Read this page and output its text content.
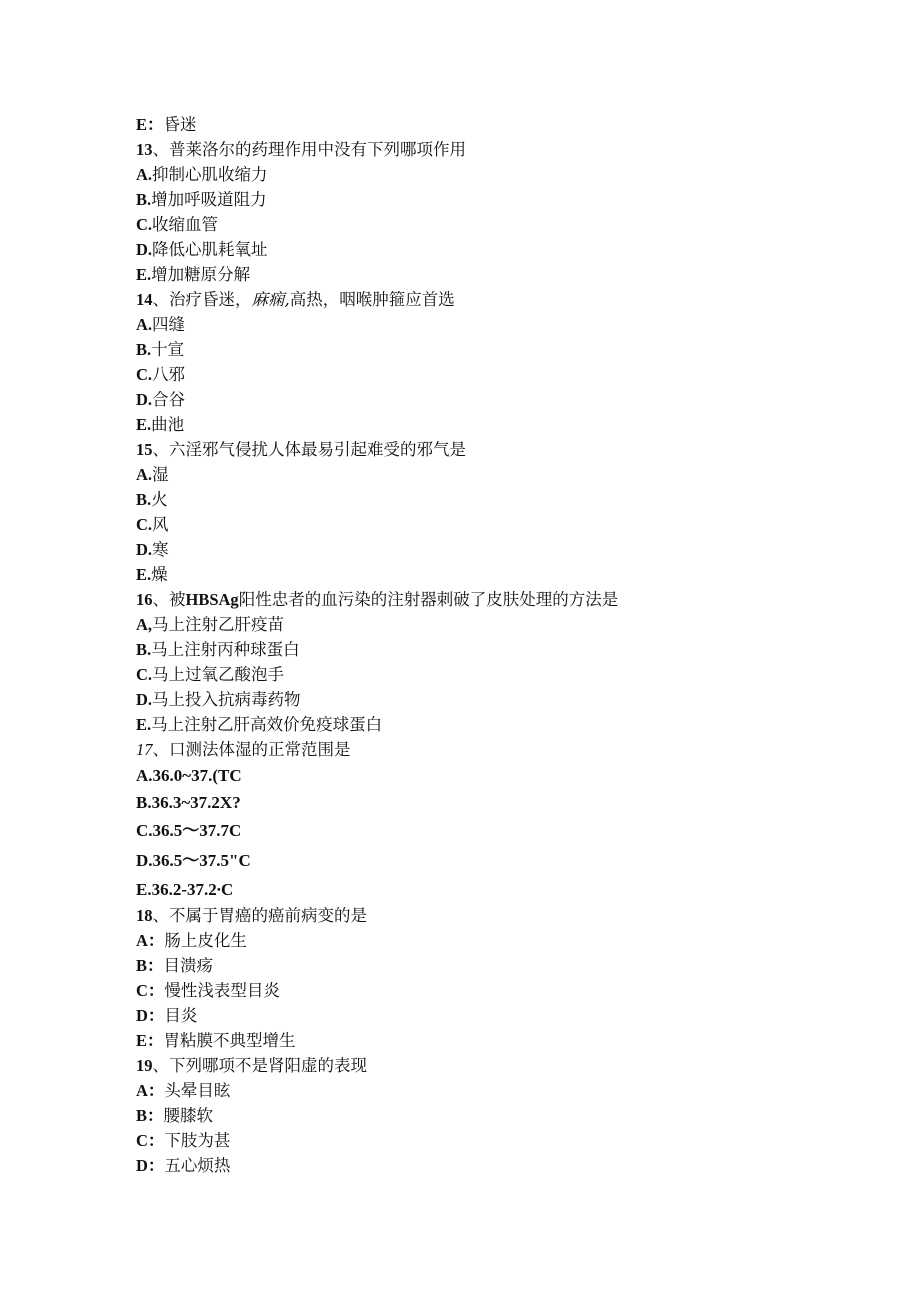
E：昏迷
13、普莱洛尔的药理作用中没有下列哪项作用
A.抑制心肌收缩力
B.增加呼吸道阻力
C.收缩血管
D.降低心肌耗氧址
E.增加糖原分解
14、治疗昏迷，麻痫,高热，咽喉肿箍应首选
A.四缝
B.十宣
C.八邪
D.合谷
E.曲池
15、六淫邪气侵扰人体最易引起难受的邪气是
A.湿
B.火
C.风
D.寒
E.燥
16、被HBSAg阳性忠者的血污染的注射器刺破了皮肤处理的方法是
A,马上注射乙肝疫苗
B.马上注射丙种球蛋白
C.马上过氧乙酸泡手
D.马上投入抗病毒药物
E.马上注射乙肝高效价免疫球蛋白
17、口测法体湿的正常范围是
A.36.0~37.(TC
B.36.3~37.2X?
C.36.5〜37.7C
D.36.5〜37.5"C
E.36.2-37.2∙C
18、不属于胃癌的癌前病变的是
A：肠上皮化生
B：目溃疡
C：慢性浅表型目炎
D：目炎
E：胃粘膜不典型增生
19、下列哪项不是肾阳虚的表现
A：头晕目眩
B：腰膝软
C：下肢为甚
D：五心烦热
